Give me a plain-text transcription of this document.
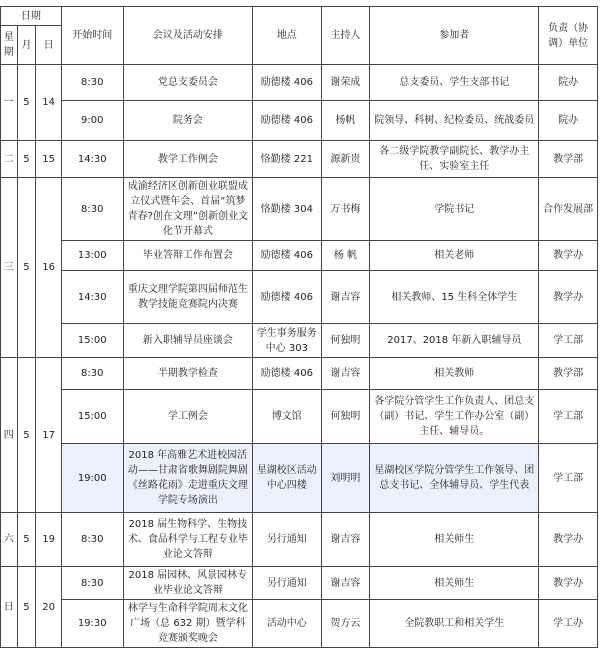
日期			开始时间	会议及活动安排	地点	主持人	参加者	负责（协调）单位
星期	月	日						
一	5	14	8:30	党总支委员会	励德楼 406	谢荣成	总支委员、学生支部书记	院办
			9:00	院务会	励德楼 406	杨帆	院领导、科树、纪检委员、统战委员	院办
二	5	15	14:30	教学工作例会	恪勤楼 221	源新贵	各二级学院教学副院长、教学办主任、实验室主任	教学部
三	5	16	8:30	成渝经济区创新创业联盟成立仪式暨年会、首届“筑梦青春?创在文理”创新创业文化节开幕式	恪勤楼 304	万书梅	学院书记	合作发展部
			13:00	毕业答辩工作布置会	励德楼 406	杨 帆	相关老师	教学办
			14:30	重庆文理学院第四届师范生教学技能竞赛院内决赛	励德楼 406	谢吉容	相关教师、15 生科全体学生	教学办
			15:00	新入职辅导员座谈会	学生事务服务中心 303	何独明	2017、2018 年新入职辅导员	学工部
四	5	17	8:30	半期教学检查	励德楼 406	谢吉容	相关教师	教学部
			15:00	学工例会	博文馆	何独明	各学院分管学生工作负责人、团总支（副）书记、学生工作办公室（副）主任、辅导员。	学工部
			19:00	2018 年高雅艺术进校园活动——甘肃省歌舞剧院舞剧《丝路花雨》走进重庆文理学院专场演出	星湖校区活动中心四楼	刘明明	星湖校区学院分管学生工作领导、团总支书记、全体辅导员、学生代表	学工部
六	5	19	8:30	2018 届生物科学、生物技术、食品科学与工程专业毕业论文答辩	另行通知	谢吉容	相关师生	教学办
日	5	20	8:30	2018 届园林、风景园林专业毕业论文答辩	另行通知	谢吉容	相关师生	教学办
			19:30	林学与生命科学院周末文化广场（总 632 期）暨学科竞赛颁奖晚会	活动中心	贺方云	全院教职工和相关学生	学工办
